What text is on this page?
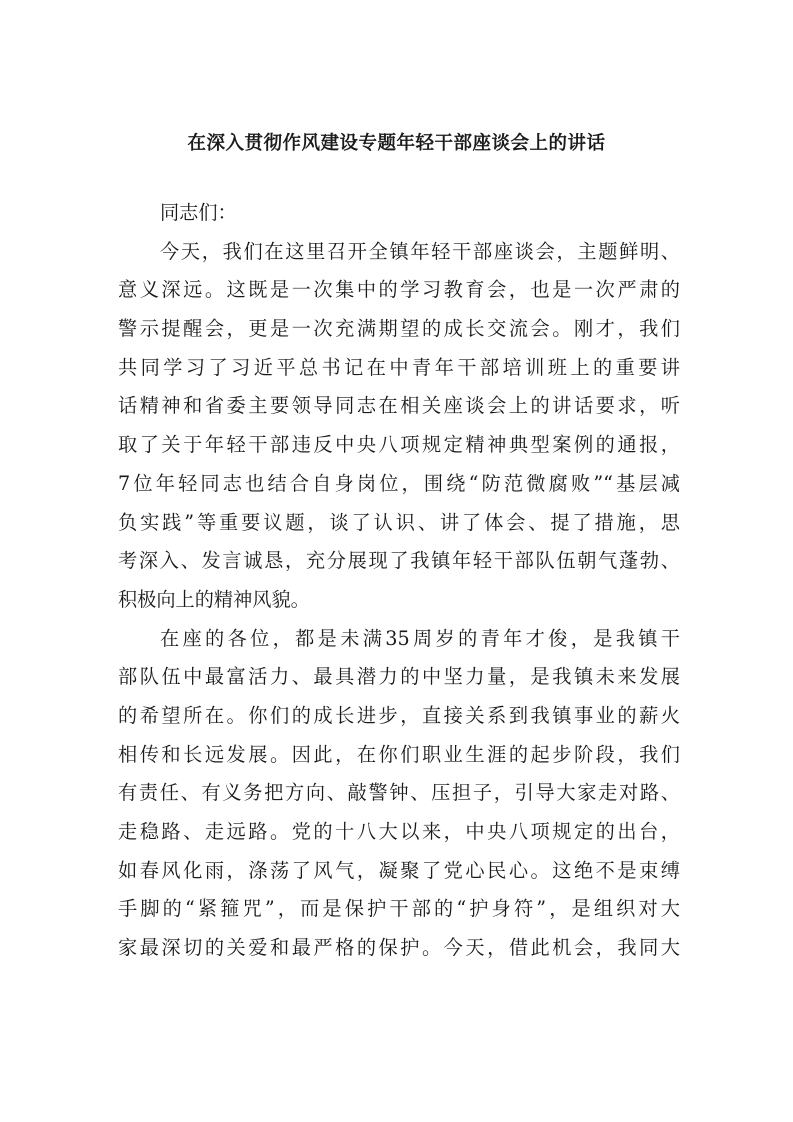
在深入贯彻作风建设专题年轻干部座谈会上的讲话
同志们：
今天，我们在这里召开全镇年轻干部座谈会，主题鲜明、
意义深远。这既是一次集中的学习教育会，也是一次严肃的
警示提醒会，更是一次充满期望的成长交流会。刚才，我们
共同学习了习近平总书记在中青年干部培训班上的重要讲
话精神和省委主要领导同志在相关座谈会上的讲话要求，听
取了关于年轻干部违反中央八项规定精神典型案例的通报，
7位年轻同志也结合自身岗位，围绕“防范微腐败”“基层减
负实践”等重要议题，谈了认识、讲了体会、提了措施，思
考深入、发言诚恳，充分展现了我镇年轻干部队伍朝气蓬勃、
积极向上的精神风貌。
在座的各位，都是未满35周岁的青年才俊，是我镇干
部队伍中最富活力、最具潜力的中坚力量，是我镇未来发展
的希望所在。你们的成长进步，直接关系到我镇事业的薪火
相传和长远发展。因此，在你们职业生涯的起步阶段，我们
有责任、有义务把方向、敲警钟、压担子，引导大家走对路、
走稳路、走远路。党的十八大以来，中央八项规定的出台，
如春风化雨，涤荡了风气，凝聚了党心民心。这绝不是束缚
手脚的“紧箍咒”，而是保护干部的“护身符”，是组织对大
家最深切的关爱和最严格的保护。今天，借此机会，我同大
